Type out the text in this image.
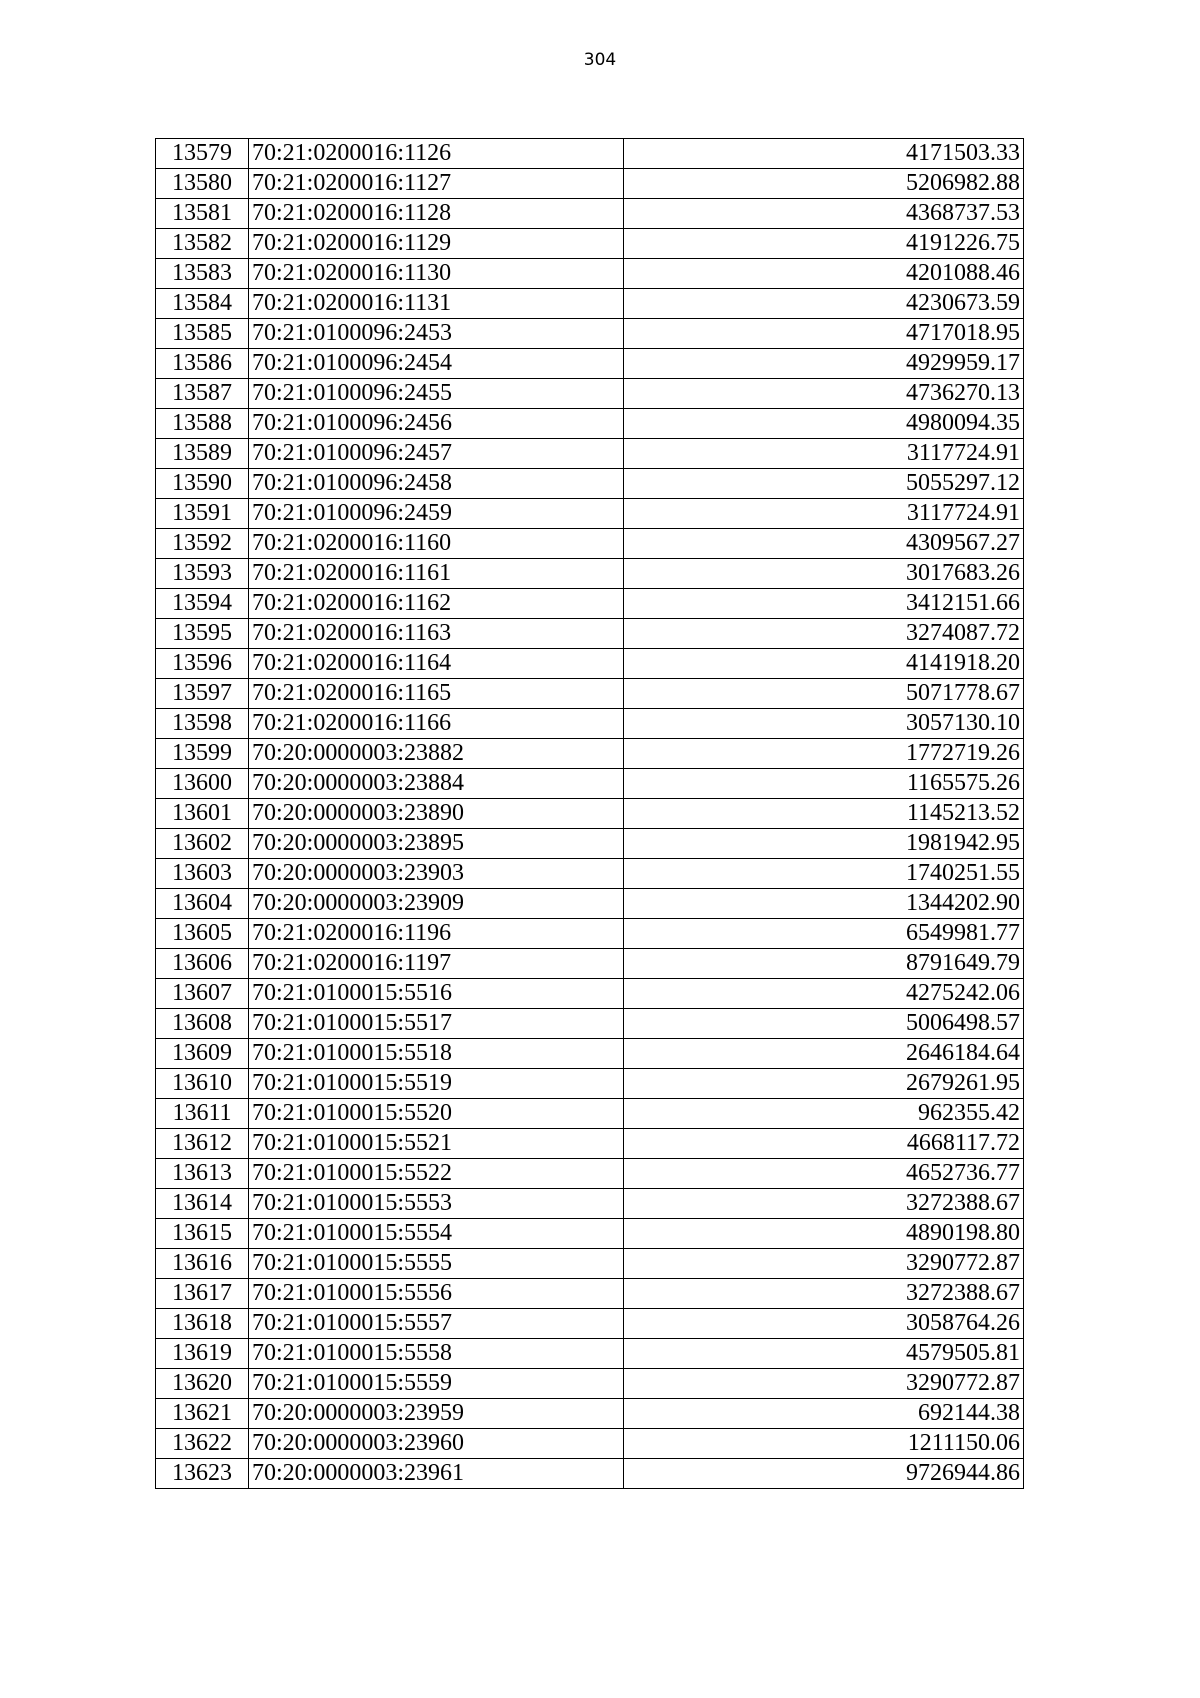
304
13579	70:21:0200016:1126	4171503.33
13580	70:21:0200016:1127	5206982.88
13581	70:21:0200016:1128	4368737.53
13582	70:21:0200016:1129	4191226.75
13583	70:21:0200016:1130	4201088.46
13584	70:21:0200016:1131	4230673.59
13585	70:21:0100096:2453	4717018.95
13586	70:21:0100096:2454	4929959.17
13587	70:21:0100096:2455	4736270.13
13588	70:21:0100096:2456	4980094.35
13589	70:21:0100096:2457	3117724.91
13590	70:21:0100096:2458	5055297.12
13591	70:21:0100096:2459	3117724.91
13592	70:21:0200016:1160	4309567.27
13593	70:21:0200016:1161	3017683.26
13594	70:21:0200016:1162	3412151.66
13595	70:21:0200016:1163	3274087.72
13596	70:21:0200016:1164	4141918.20
13597	70:21:0200016:1165	5071778.67
13598	70:21:0200016:1166	3057130.10
13599	70:20:0000003:23882	1772719.26
13600	70:20:0000003:23884	1165575.26
13601	70:20:0000003:23890	1145213.52
13602	70:20:0000003:23895	1981942.95
13603	70:20:0000003:23903	1740251.55
13604	70:20:0000003:23909	1344202.90
13605	70:21:0200016:1196	6549981.77
13606	70:21:0200016:1197	8791649.79
13607	70:21:0100015:5516	4275242.06
13608	70:21:0100015:5517	5006498.57
13609	70:21:0100015:5518	2646184.64
13610	70:21:0100015:5519	2679261.95
13611	70:21:0100015:5520	962355.42
13612	70:21:0100015:5521	4668117.72
13613	70:21:0100015:5522	4652736.77
13614	70:21:0100015:5553	3272388.67
13615	70:21:0100015:5554	4890198.80
13616	70:21:0100015:5555	3290772.87
13617	70:21:0100015:5556	3272388.67
13618	70:21:0100015:5557	3058764.26
13619	70:21:0100015:5558	4579505.81
13620	70:21:0100015:5559	3290772.87
13621	70:20:0000003:23959	692144.38
13622	70:20:0000003:23960	1211150.06
13623	70:20:0000003:23961	9726944.86
